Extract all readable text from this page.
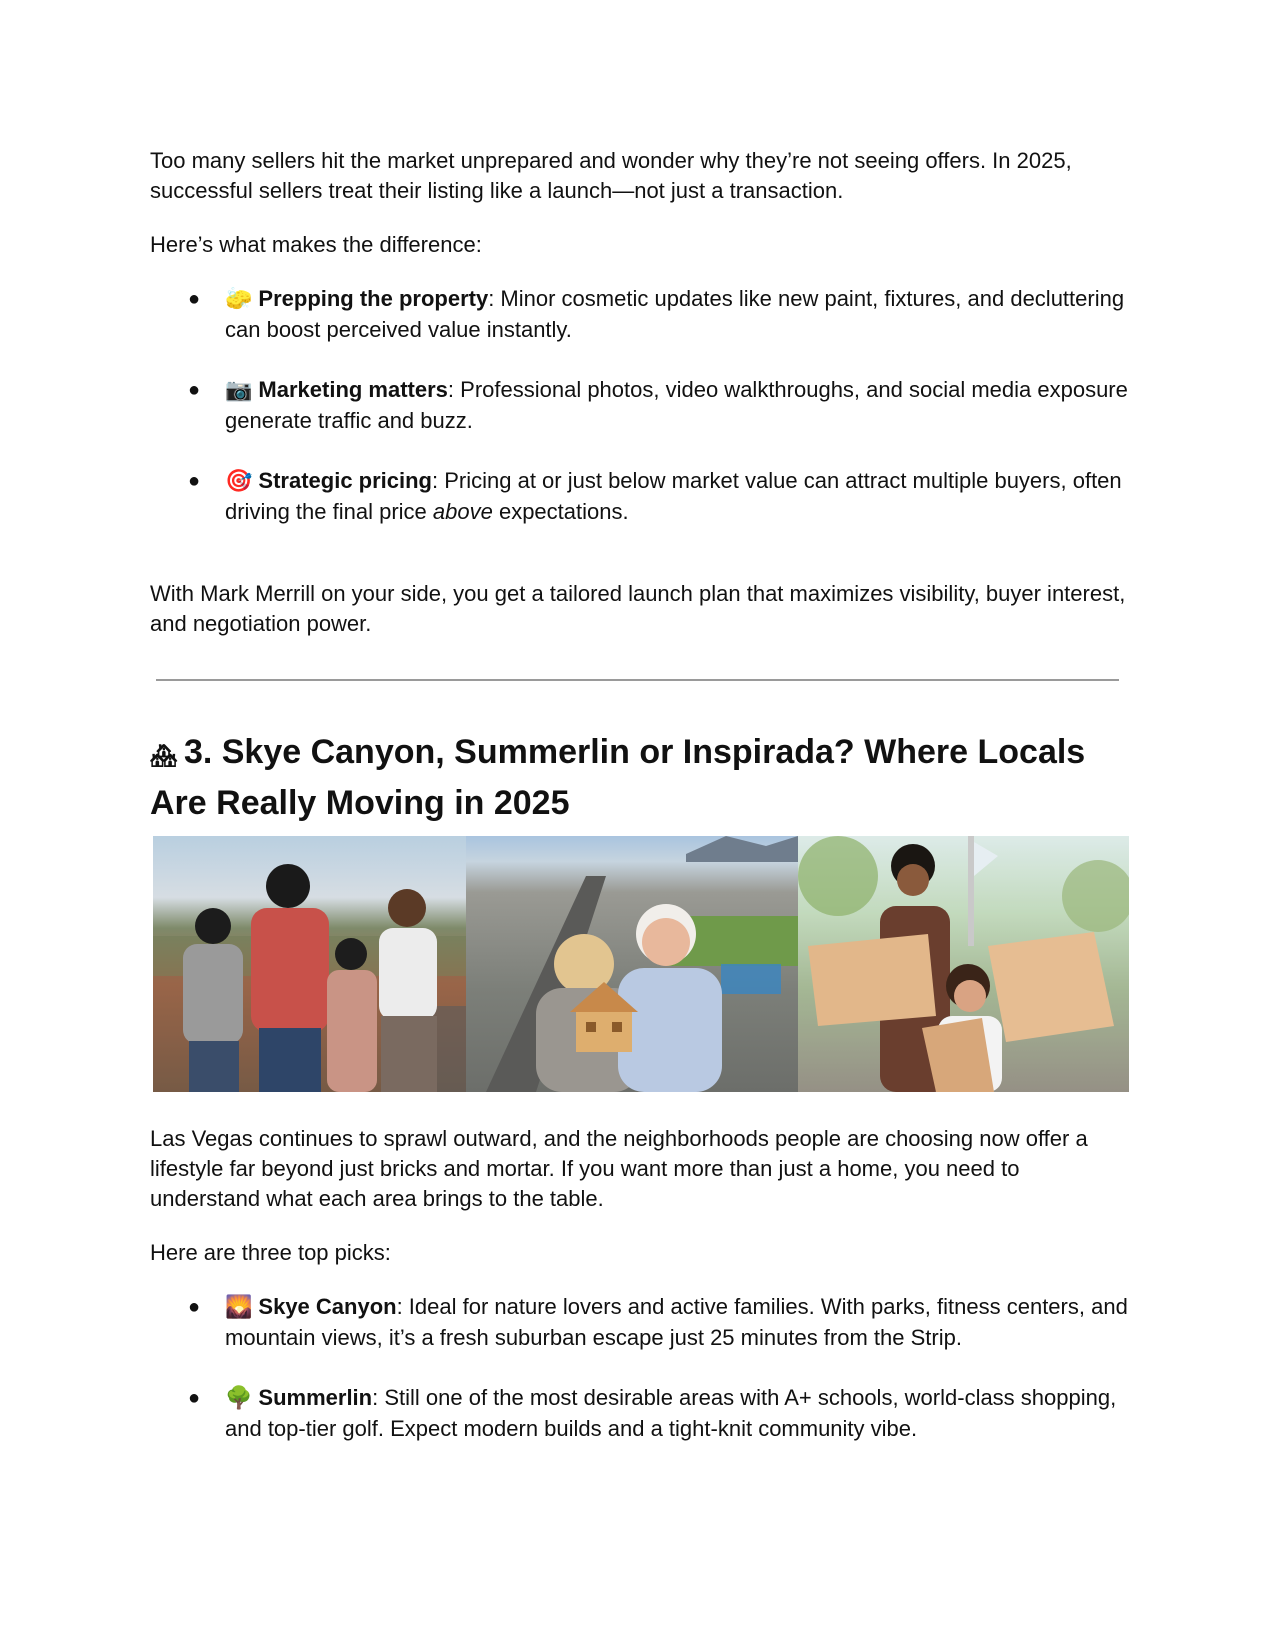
Too many sellers hit the market unprepared and wonder why they’re not seeing offers. In 2025, successful sellers treat their listing like a launch—not just a transaction.

Here’s what makes the difference:

● 🧽 Prepping the property: Minor cosmetic updates like new paint, fixtures, and decluttering can boost perceived value instantly.
● 📷 Marketing matters: Professional photos, video walkthroughs, and social media exposure generate traffic and buzz.
● 🎯 Strategic pricing: Pricing at or just below market value can attract multiple buyers, often driving the final price above expectations.

With Mark Merrill on your side, you get a tailored launch plan that maximizes visibility, buyer interest, and negotiation power.

🏘 3. Skye Canyon, Summerlin or Inspirada? Where Locals Are Really Moving in 2025

Las Vegas continues to sprawl outward, and the neighborhoods people are choosing now offer a lifestyle far beyond just bricks and mortar. If you want more than just a home, you need to understand what each area brings to the table.

Here are three top picks:

● 🌄 Skye Canyon: Ideal for nature lovers and active families. With parks, fitness centers, and mountain views, it’s a fresh suburban escape just 25 minutes from the Strip.
● 🌳 Summerlin: Still one of the most desirable areas with A+ schools, world-class shopping, and top-tier golf. Expect modern builds and a tight-knit community vibe.
